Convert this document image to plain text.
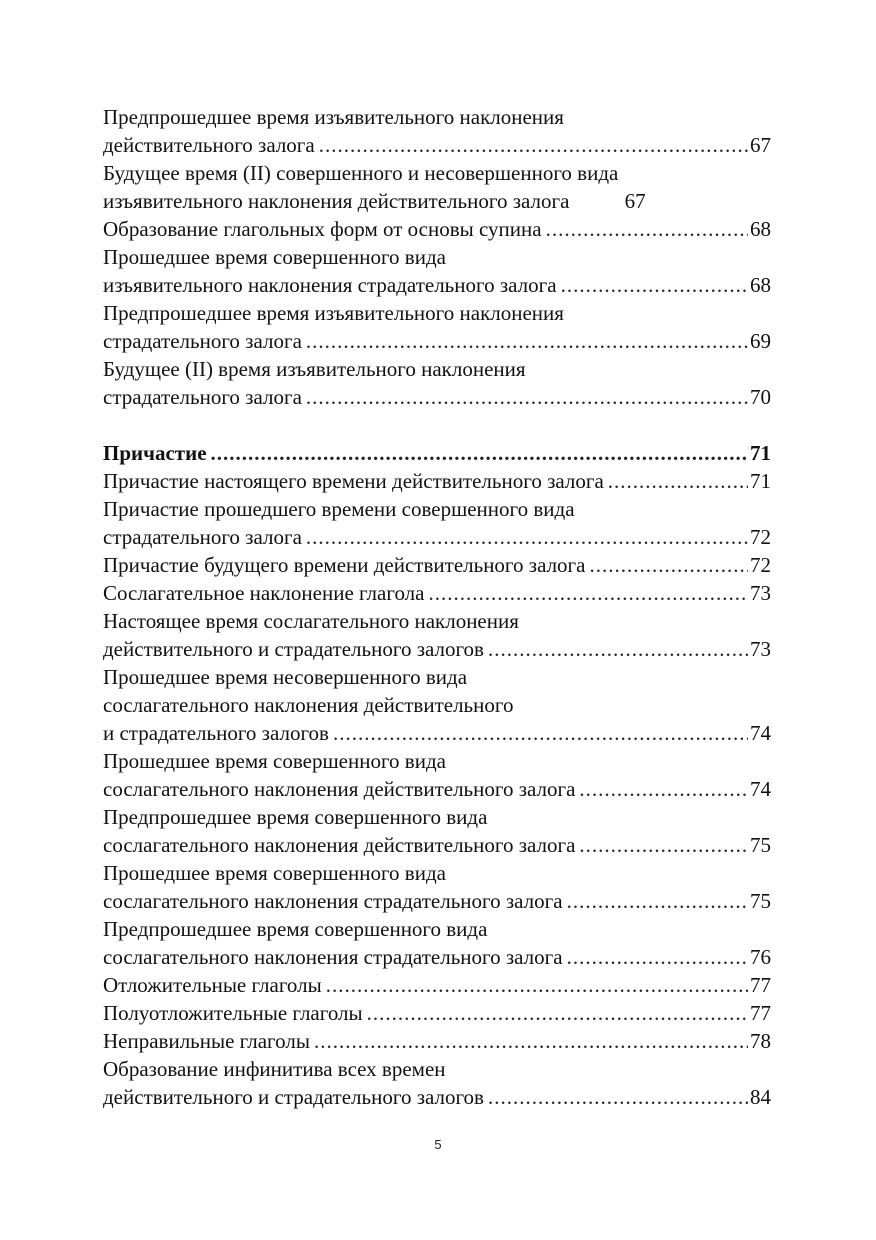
Предпрошедшее время изъявительного наклонения
действительного залога .....	67
Будущее время (II) совершенного и несовершенного вида
изъявительного наклонения действительного залога	67
Образование глагольных форм от основы супина .....	68
Прошедшее время совершенного вида
изъявительного наклонения страдательного залога .....	68
Предпрошедшее время изъявительного наклонения
страдательного залога .....	69
Будущее (II) время изъявительного наклонения
страдательного залога .....	70
Причастие .....	71
Причастие настоящего времени действительного залога .....	71
Причастие прошедшего времени совершенного вида
страдательного залога .....	72
Причастие будущего времени действительного залога .....	72
Сослагательное наклонение глагола .....	73
Настоящее время сослагательного наклонения
действительного и страдательного залогов .....	73
Прошедшее время несовершенного вида
сослагательного наклонения действительного
и страдательного залогов .....	74
Прошедшее время совершенного вида
сослагательного наклонения действительного залога .....	74
Предпрошедшее время совершенного вида
сослагательного наклонения действительного залога .....	75
Прошедшее время совершенного вида
сослагательного наклонения страдательного залога .....	75
Предпрошедшее время совершенного вида
сослагательного наклонения страдательного залога .....	76
Отложительные глаголы .....	77
Полуотложительные глаголы .....	77
Неправильные глаголы .....	78
Образование инфинитива всех времен
действительного и страдательного залогов .....	84
5
